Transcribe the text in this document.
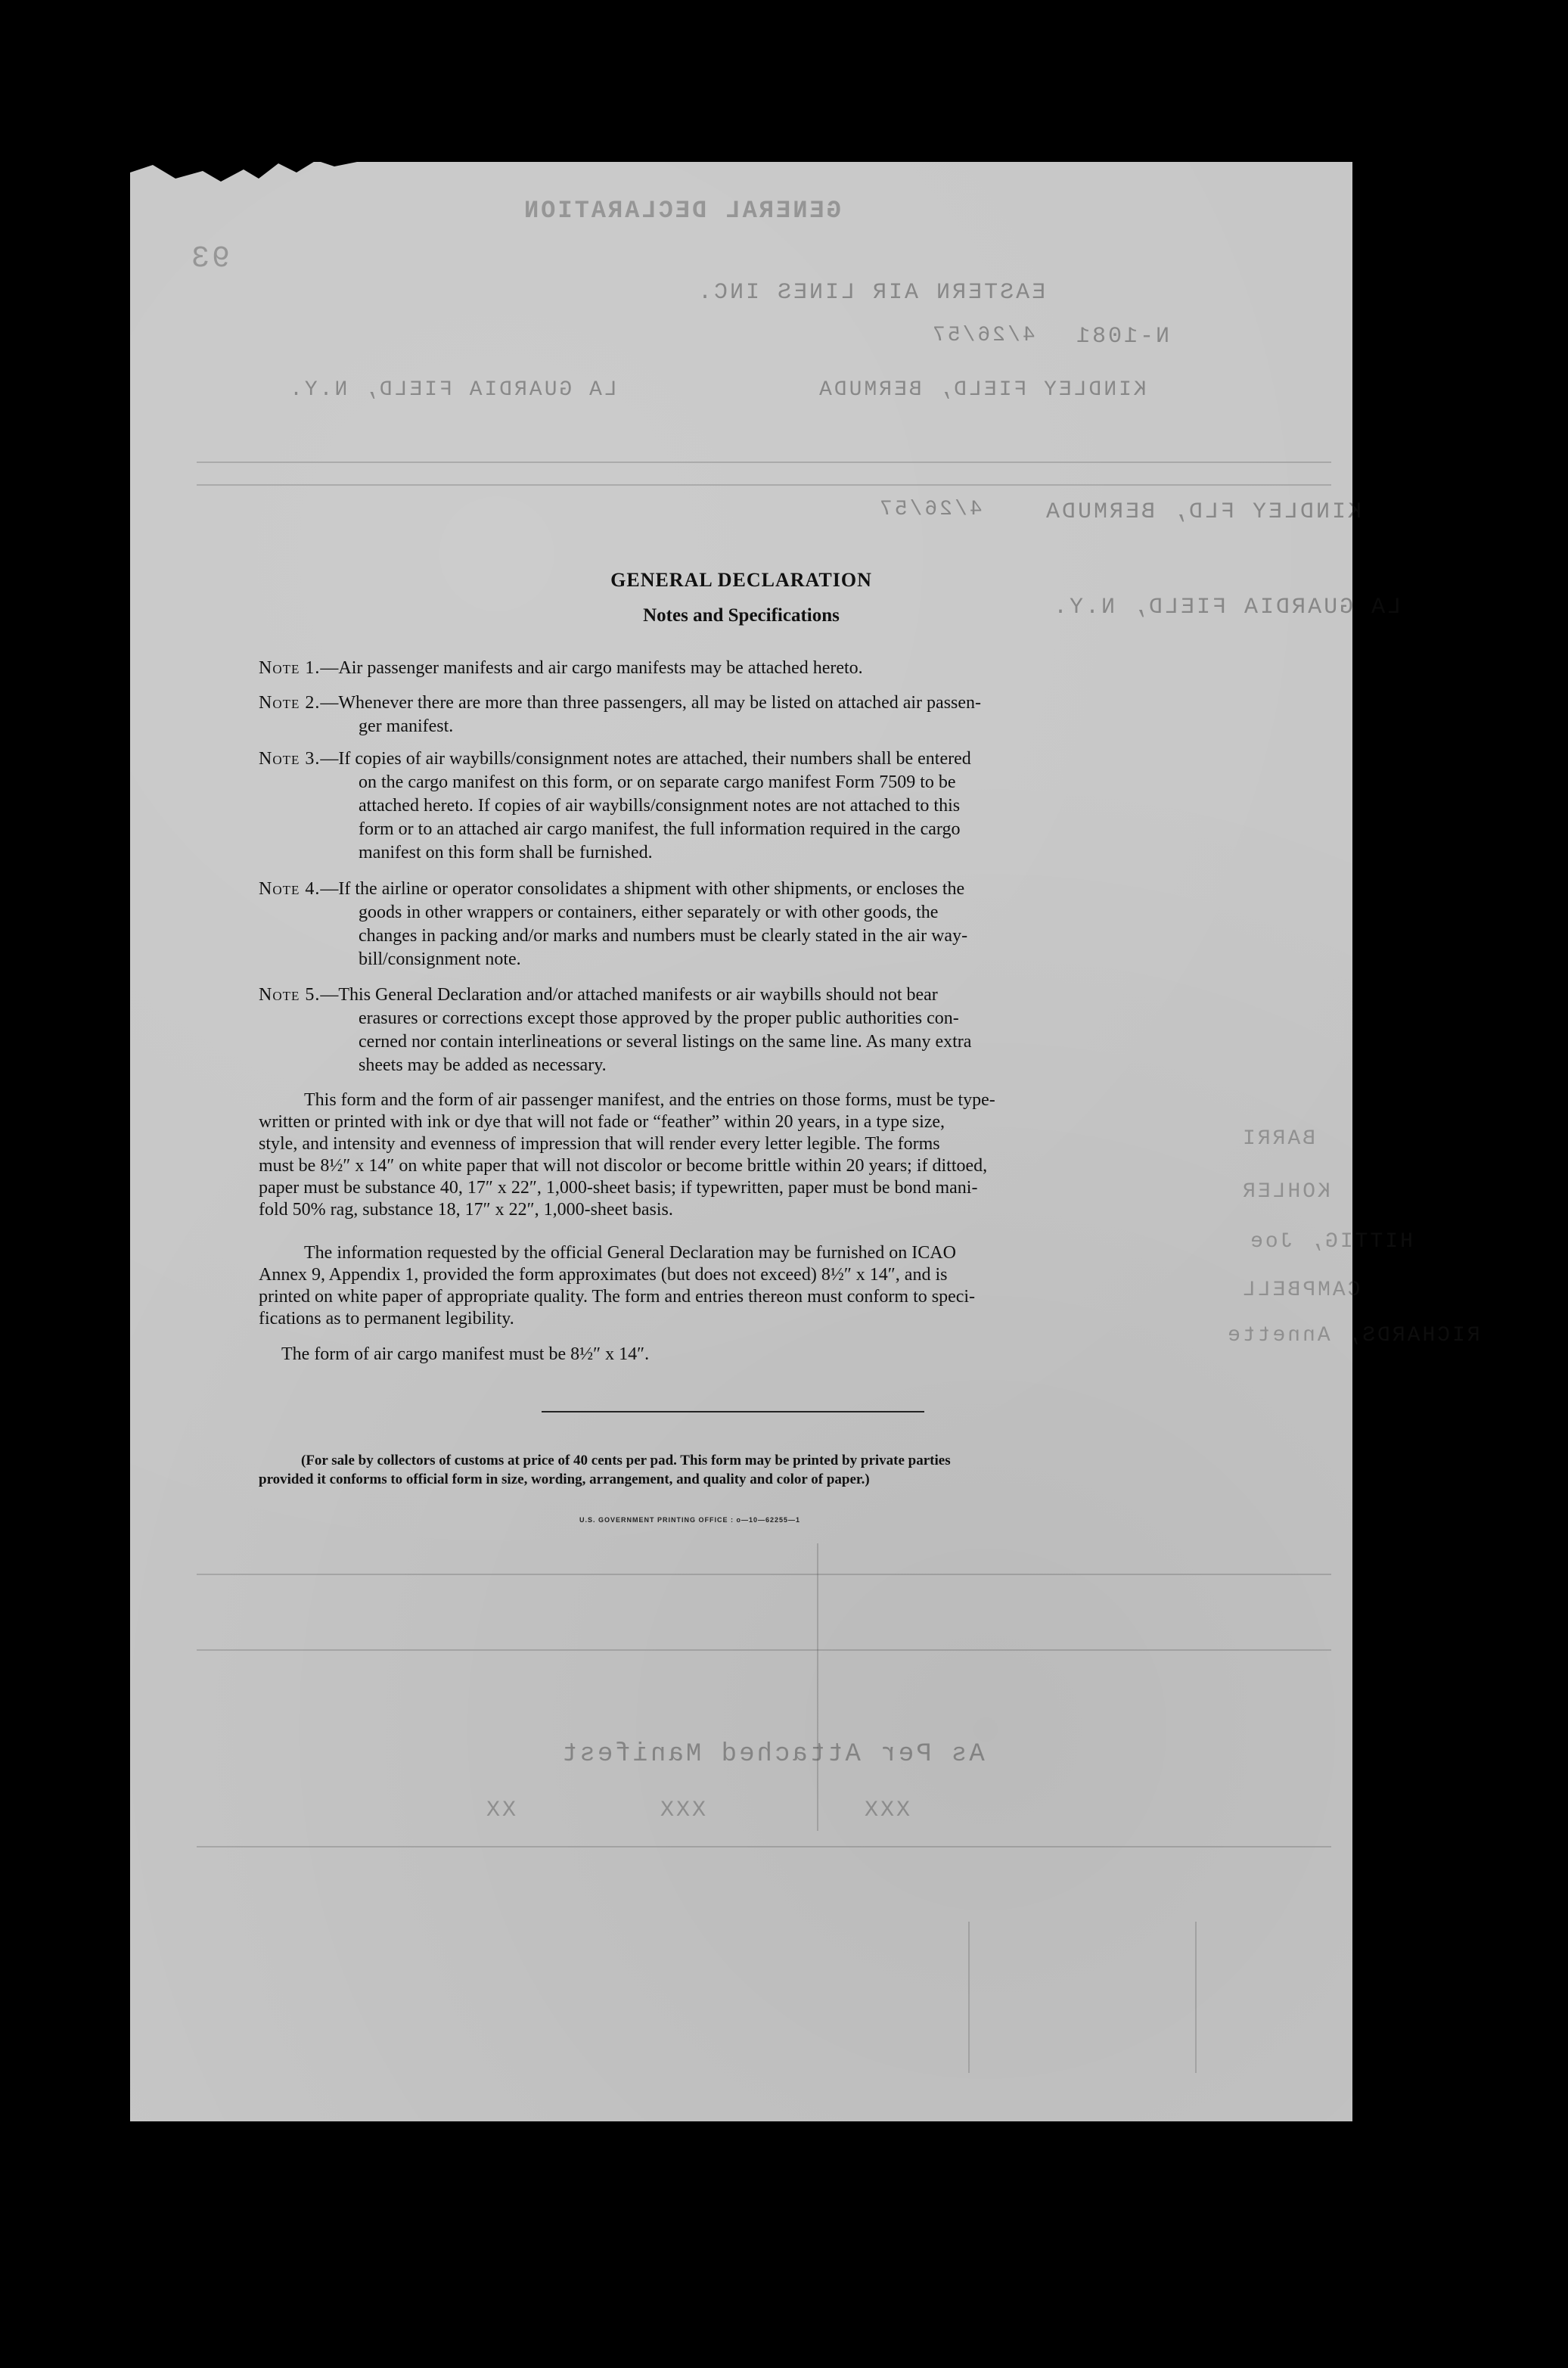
GENERAL DECLARATION
93
EASTERN AIR LINES INC.
N-1081
4/26/57
KINDLEY FIELD, BERMUDA
LA GUARDIA FIELD, N.Y.
KINDLEY FLD, BERMUDA
4/26/57
LA GUARDIA FIELD, N.Y.
As Per Attached Manifest
XX	XXX	XXX
BARRI
KOHLER
HITTIG, Joe
CAMPBELL
RICHARDS, Annette
GENERAL DECLARATION
Notes and Specifications
Note 1.—Air passenger manifests and air cargo manifests may be attached hereto.
Note 2.—Whenever there are more than three passengers, all may be listed on attached air passen-
ger manifest.
Note 3.—If copies of air waybills/consignment notes are attached, their numbers shall be entered
on the cargo manifest on this form, or on separate cargo manifest Form 7509 to be
attached hereto. If copies of air waybills/consignment notes are not attached to this
form or to an attached air cargo manifest, the full information required in the cargo
manifest on this form shall be furnished.
Note 4.—If the airline or operator consolidates a shipment with other shipments, or encloses the
goods in other wrappers or containers, either separately or with other goods, the
changes in packing and/or marks and numbers must be clearly stated in the air way-
bill/consignment note.
Note 5.—This General Declaration and/or attached manifests or air waybills should not bear
erasures or corrections except those approved by the proper public authorities con-
cerned nor contain interlineations or several listings on the same line. As many extra
sheets may be added as necessary.
This form and the form of air passenger manifest, and the entries on those forms, must be type-
written or printed with ink or dye that will not fade or “feather” within 20 years, in a type size,
style, and intensity and evenness of impression that will render every letter legible. The forms
must be 8½″ x 14″ on white paper that will not discolor or become brittle within 20 years; if dittoed,
paper must be substance 40, 17″ x 22″, 1,000-sheet basis; if typewritten, paper must be bond mani-
fold 50% rag, substance 18, 17″ x 22″, 1,000-sheet basis.
The information requested by the official General Declaration may be furnished on ICAO
Annex 9, Appendix 1, provided the form approximates (but does not exceed) 8½″ x 14″, and is
printed on white paper of appropriate quality. The form and entries thereon must conform to speci-
fications as to permanent legibility.
The form of air cargo manifest must be 8½″ x 14″.
(For sale by collectors of customs at price of 40 cents per pad. This form may be printed by private parties
provided it conforms to official form in size, wording, arrangement, and quality and color of paper.)
U.S. GOVERNMENT PRINTING OFFICE : o—10—62255—1
